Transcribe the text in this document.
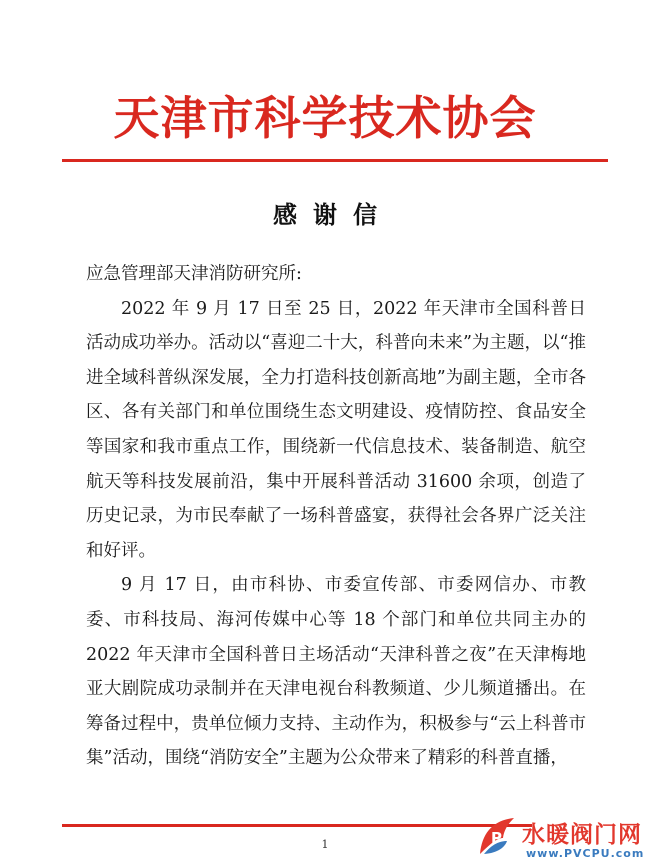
天津市科学技术协会
感谢信

应急管理部天津消防研究所:

2022 年 9 月 17 日至 25 日，2022 年天津市全国科普日活动成功举办。活动以“喜迎二十大，科普向未来”为主题，以“推进全域科普纵深发展，全力打造科技创新高地”为副主题，全市各区、各有关部门和单位围绕生态文明建设、疫情防控、食品安全等国家和我市重点工作，围绕新一代信息技术、装备制造、航空航天等科技发展前沿，集中开展科普活动 31600 余项，创造了历史记录，为市民奉献了一场科普盛宴，获得社会各界广泛关注和好评。

9 月 17 日，由市科协、市委宣传部、市委网信办、市教委、市科技局、海河传媒中心等 18 个部门和单位共同主办的 2022 年天津市全国科普日主场活动“天津科普之夜”在天津梅地亚大剧院成功录制并在天津电视台科教频道、少儿频道播出。在筹备过程中，贵单位倾力支持、主动作为，积极参与“云上科普市集”活动，围绕“消防安全”主题为公众带来了精彩的科普直播，

1	P 水暖阀门网
www.PVCPU.com
